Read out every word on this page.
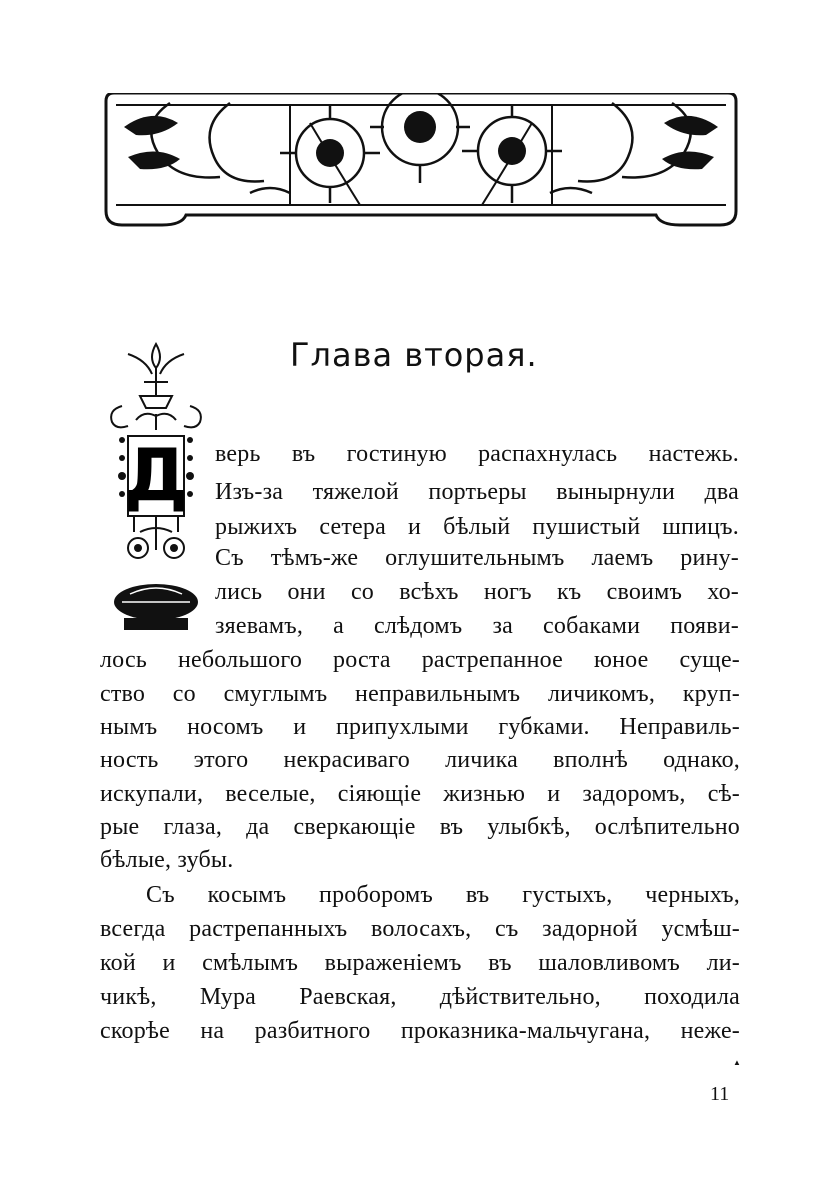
Глава вторая.
Д верь въ гостиную распахнулась настежь.
Изъ-за тяжелой портьеры вынырнули два
рыжихъ сетера и бѣлый пушистый шпицъ.
Съ тѣмъ-же оглушительнымъ лаемъ рину-
лись они со всѣхъ ногъ къ своимъ хо-
зяевамъ, а слѣдомъ за собаками появи-
лось небольшого роста растрепанное юное суще-
ство со смуглымъ неправильнымъ личикомъ, круп-
нымъ носомъ и припухлыми губками. Неправиль-
ность этого некрасиваго личика вполнѣ однако,
искупали, веселые, сіяющіе жизнью и задоромъ, сѣ-
рые глаза, да сверкающіе въ улыбкѣ, ослѣпительно
бѣлые, зубы.
Съ косымъ проборомъ въ густыхъ, черныхъ,
всегда растрепанныхъ волосахъ, съ задорной усмѣш-
кой и смѣлымъ выраженіемъ въ шаловливомъ ли-
чикѣ, Мура Раевская, дѣйствительно, походила
скорѣе на разбитного проказника-мальчугана, неже-
▲
11
